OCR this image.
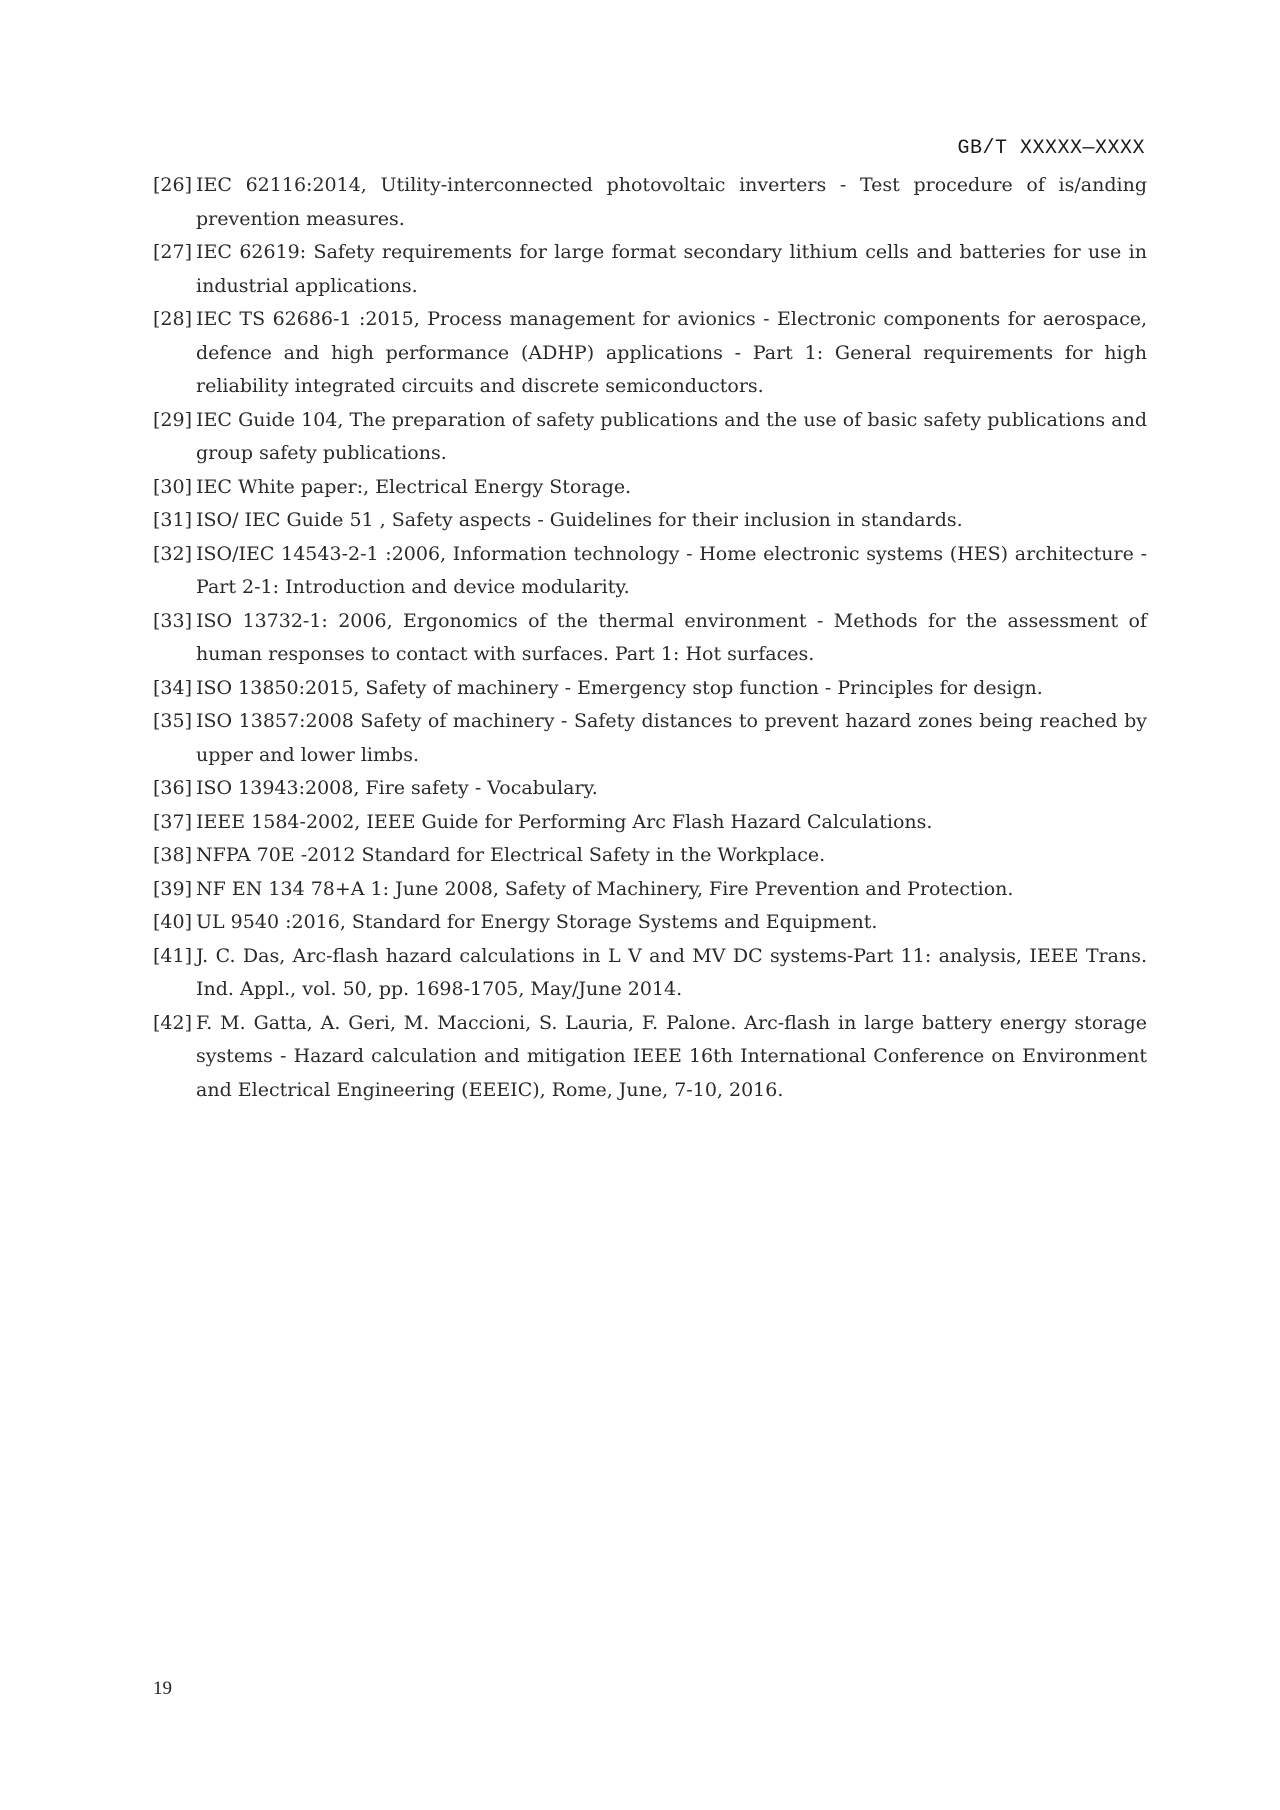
GB/T XXXXX—XXXX
[26] IEC 62116:2014, Utility-interconnected photovoltaic inverters - Test procedure of is/anding prevention measures.
[27] IEC 62619: Safety requirements for large format secondary lithium cells and batteries for use in industrial applications.
[28] IEC TS 62686-1 :2015, Process management for avionics - Electronic components for aerospace, defence and high performance (ADHP) applications - Part 1: General requirements for high reliability integrated circuits and discrete semiconductors.
[29] IEC Guide 104, The preparation of safety publications and the use of basic safety publications and group safety publications.
[30] IEC White paper:, Electrical Energy Storage.
[31] ISO/ IEC Guide 51 , Safety aspects - Guidelines for their inclusion in standards.
[32] ISO/IEC 14543-2-1 :2006, Information technology - Home electronic systems (HES) architecture - Part 2-1: Introduction and device modularity.
[33] ISO 13732-1: 2006, Ergonomics of the thermal environment - Methods for the assessment of human responses to contact with surfaces. Part 1: Hot surfaces.
[34] ISO 13850:2015, Safety of machinery - Emergency stop function - Principles for design.
[35] ISO 13857:2008 Safety of machinery - Safety distances to prevent hazard zones being reached by upper and lower limbs.
[36] ISO 13943:2008, Fire safety - Vocabulary.
[37] IEEE 1584-2002, IEEE Guide for Performing Arc Flash Hazard Calculations.
[38] NFPA 70E -2012 Standard for Electrical Safety in the Workplace.
[39] NF EN 134 78+A 1: June 2008, Safety of Machinery, Fire Prevention and Protection.
[40] UL 9540 :2016, Standard for Energy Storage Systems and Equipment.
[41] J. C. Das, Arc-flash hazard calculations in L V and MV DC systems-Part 11: analysis, IEEE Trans. Ind. Appl., vol. 50, pp. 1698-1705, May/June 2014.
[42] F. M. Gatta, A. Geri, M. Maccioni, S. Lauria, F. Palone. Arc-flash in large battery energy storage systems - Hazard calculation and mitigation IEEE 16th International Conference on Environment and Electrical Engineering (EEEIC), Rome, June, 7-10, 2016.
19
